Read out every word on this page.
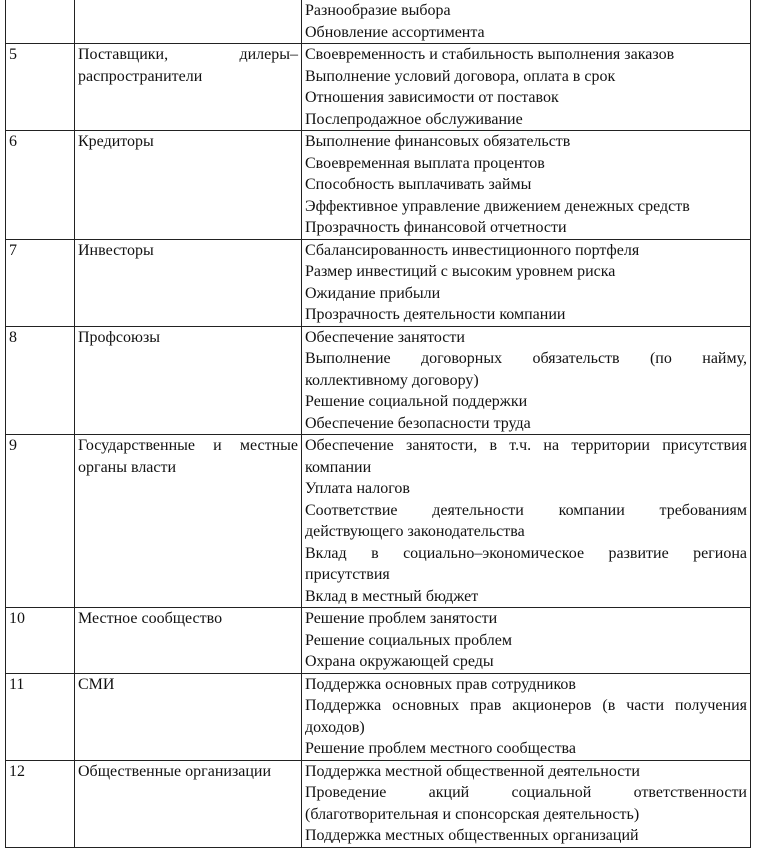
		Разнообразие выбора
Обновление ассортимента

5	Поставщики, дилеры–распространители	Своевременность и стабильность выполнения заказов
Выполнение условий договора, оплата в срок
Отношения зависимости от поставок
Послепродажное обслуживание

6	Кредиторы	Выполнение финансовых обязательств
Своевременная выплата процентов
Способность выплачивать займы
Эффективное управление движением денежных средств
Прозрачность финансовой отчетности

7	Инвесторы	Сбалансированность инвестиционного портфеля
Размер инвестиций с высоким уровнем риска
Ожидание прибыли
Прозрачность деятельности компании

8	Профсоюзы	Обеспечение занятости
Выполнение договорных обязательств (по найму, коллективному договору)
Решение социальной поддержки
Обеспечение безопасности труда

9	Государственные и местные органы власти	Обеспечение занятости, в т.ч. на территории присутствия компании
Уплата налогов
Соответствие деятельности компании требованиям действующего законодательства
Вклад в социально–экономическое развитие региона присутствия
Вклад в местный бюджет

10	Местное сообщество	Решение проблем занятости
Решение социальных проблем
Охрана окружающей среды

11	СМИ	Поддержка основных прав сотрудников
Поддержка основных прав акционеров (в части получения доходов)
Решение проблем местного сообщества

12	Общественные организации	Поддержка местной общественной деятельности
Проведение акций социальной ответственности (благотворительная и спонсорская деятельность)
Поддержка местных общественных организаций
